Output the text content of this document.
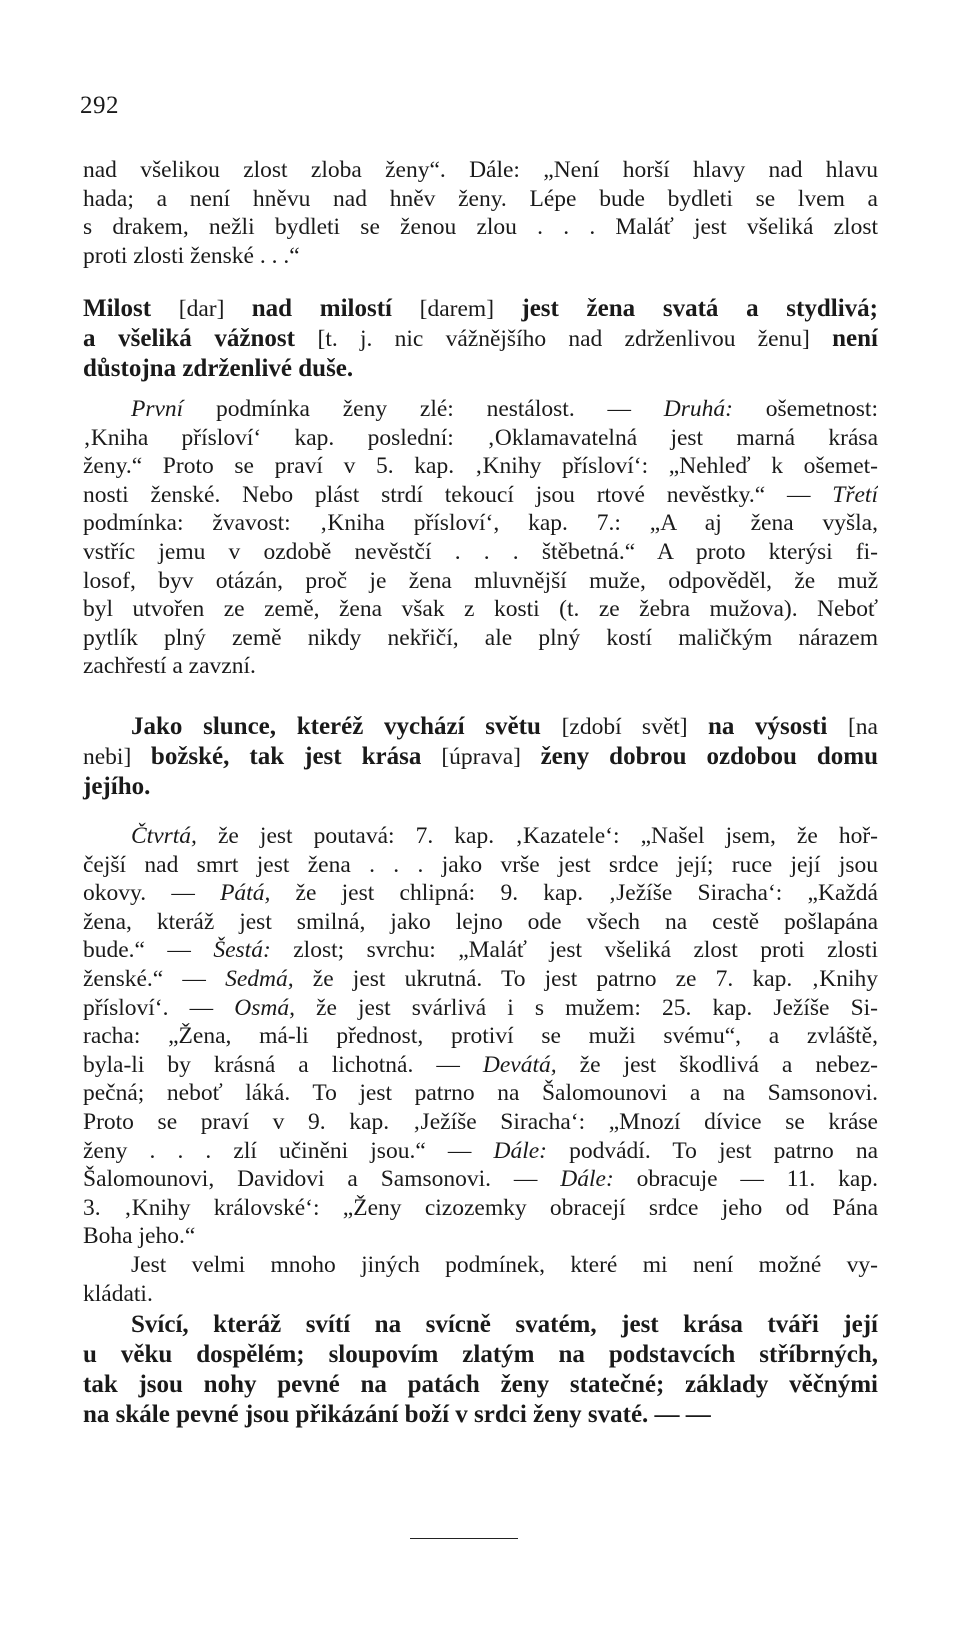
292
nad všelikou zlost zloba ženy“. Dále: „Není horší hlavy nad hlavu
hada; a není hněvu nad hněv ženy. Lépe bude bydleti se lvem a
s drakem, nežli bydleti se ženou zlou . . . Maláť jest všeliká zlost
proti zlosti ženské . . .“
Milost [dar] nad milostí [darem] jest žena svatá a stydlivá;
a všeliká vážnost [t. j. nic vážnějšího nad zdrženlivou ženu] není
důstojna zdrženlivé duše.
První podmínka ženy zlé: nestálost. — Druhá: ošemetnost:
‚Kniha přísloví‘ kap. poslední: ‚Oklamavatelná jest marná krása
ženy.“ Proto se praví v 5. kap. ‚Knihy přísloví‘: „Nehleď k ošemet-
nosti ženské. Nebo plást strdí tekoucí jsou rtové nevěstky.“ — Třetí
podmínka: žvavost: ‚Kniha přísloví‘, kap. 7.: „A aj žena vyšla,
vstříc jemu v ozdobě nevěstčí . . . štěbetná.“ A proto kterýsi fi-
losof, byv otázán, proč je žena mluvnější muže, odpověděl, že muž
byl utvořen ze země, žena však z kosti (t. ze žebra mužova). Neboť
pytlík plný země nikdy nekřičí, ale plný kostí maličkým nárazem
zachřestí a zavzní.
Jako slunce, kteréž vychází světu [zdobí svět] na výsosti [na
nebi] božské, tak jest krása [úprava] ženy dobrou ozdobou domu
jejího.
Čtvrtá, že jest poutavá: 7. kap. ‚Kazatele‘: „Našel jsem, že hoř-
čejší nad smrt jest žena . . . jako vrše jest srdce její; ruce její jsou
okovy. — Pátá, že jest chlipná: 9. kap. ‚Ježíše Siracha‘: „Každá
žena, kteráž jest smilná, jako lejno ode všech na cestě pošlapána
bude.“ — Šestá: zlost; svrchu: „Maláť jest všeliká zlost proti zlosti
ženské.“ — Sedmá, že jest ukrutná. To jest patrno ze 7. kap. ‚Knihy
přísloví‘. — Osmá, že jest svárlivá i s mužem: 25. kap. Ježíše Si-
racha: „Žena, má-li přednost, protiví se muži svému“, a zvláště,
byla-li by krásná a lichotná. — Devátá, že jest škodlivá a nebez-
pečná; neboť láká. To jest patrno na Šalomounovi a na Samsonovi.
Proto se praví v 9. kap. ‚Ježíše Siracha‘: „Mnozí dívice se kráse
ženy . . . zlí učiněni jsou.“ — Dále: podvádí. To jest patrno na
Šalomounovi, Davidovi a Samsonovi. — Dále: obracuje — 11. kap.
3. ‚Knihy královské‘: „Ženy cizozemky obracejí srdce jeho od Pána
Boha jeho.“
Jest velmi mnoho jiných podmínek, které mi není možné vy-
kládati.
Svící, kteráž svítí na svícně svatém, jest krása tváři její
u věku dospělém; sloupovím zlatým na podstavcích stříbrných,
tak jsou nohy pevné na patách ženy statečné; základy věčnými
na skále pevné jsou přikázání boží v srdci ženy svaté. — —
